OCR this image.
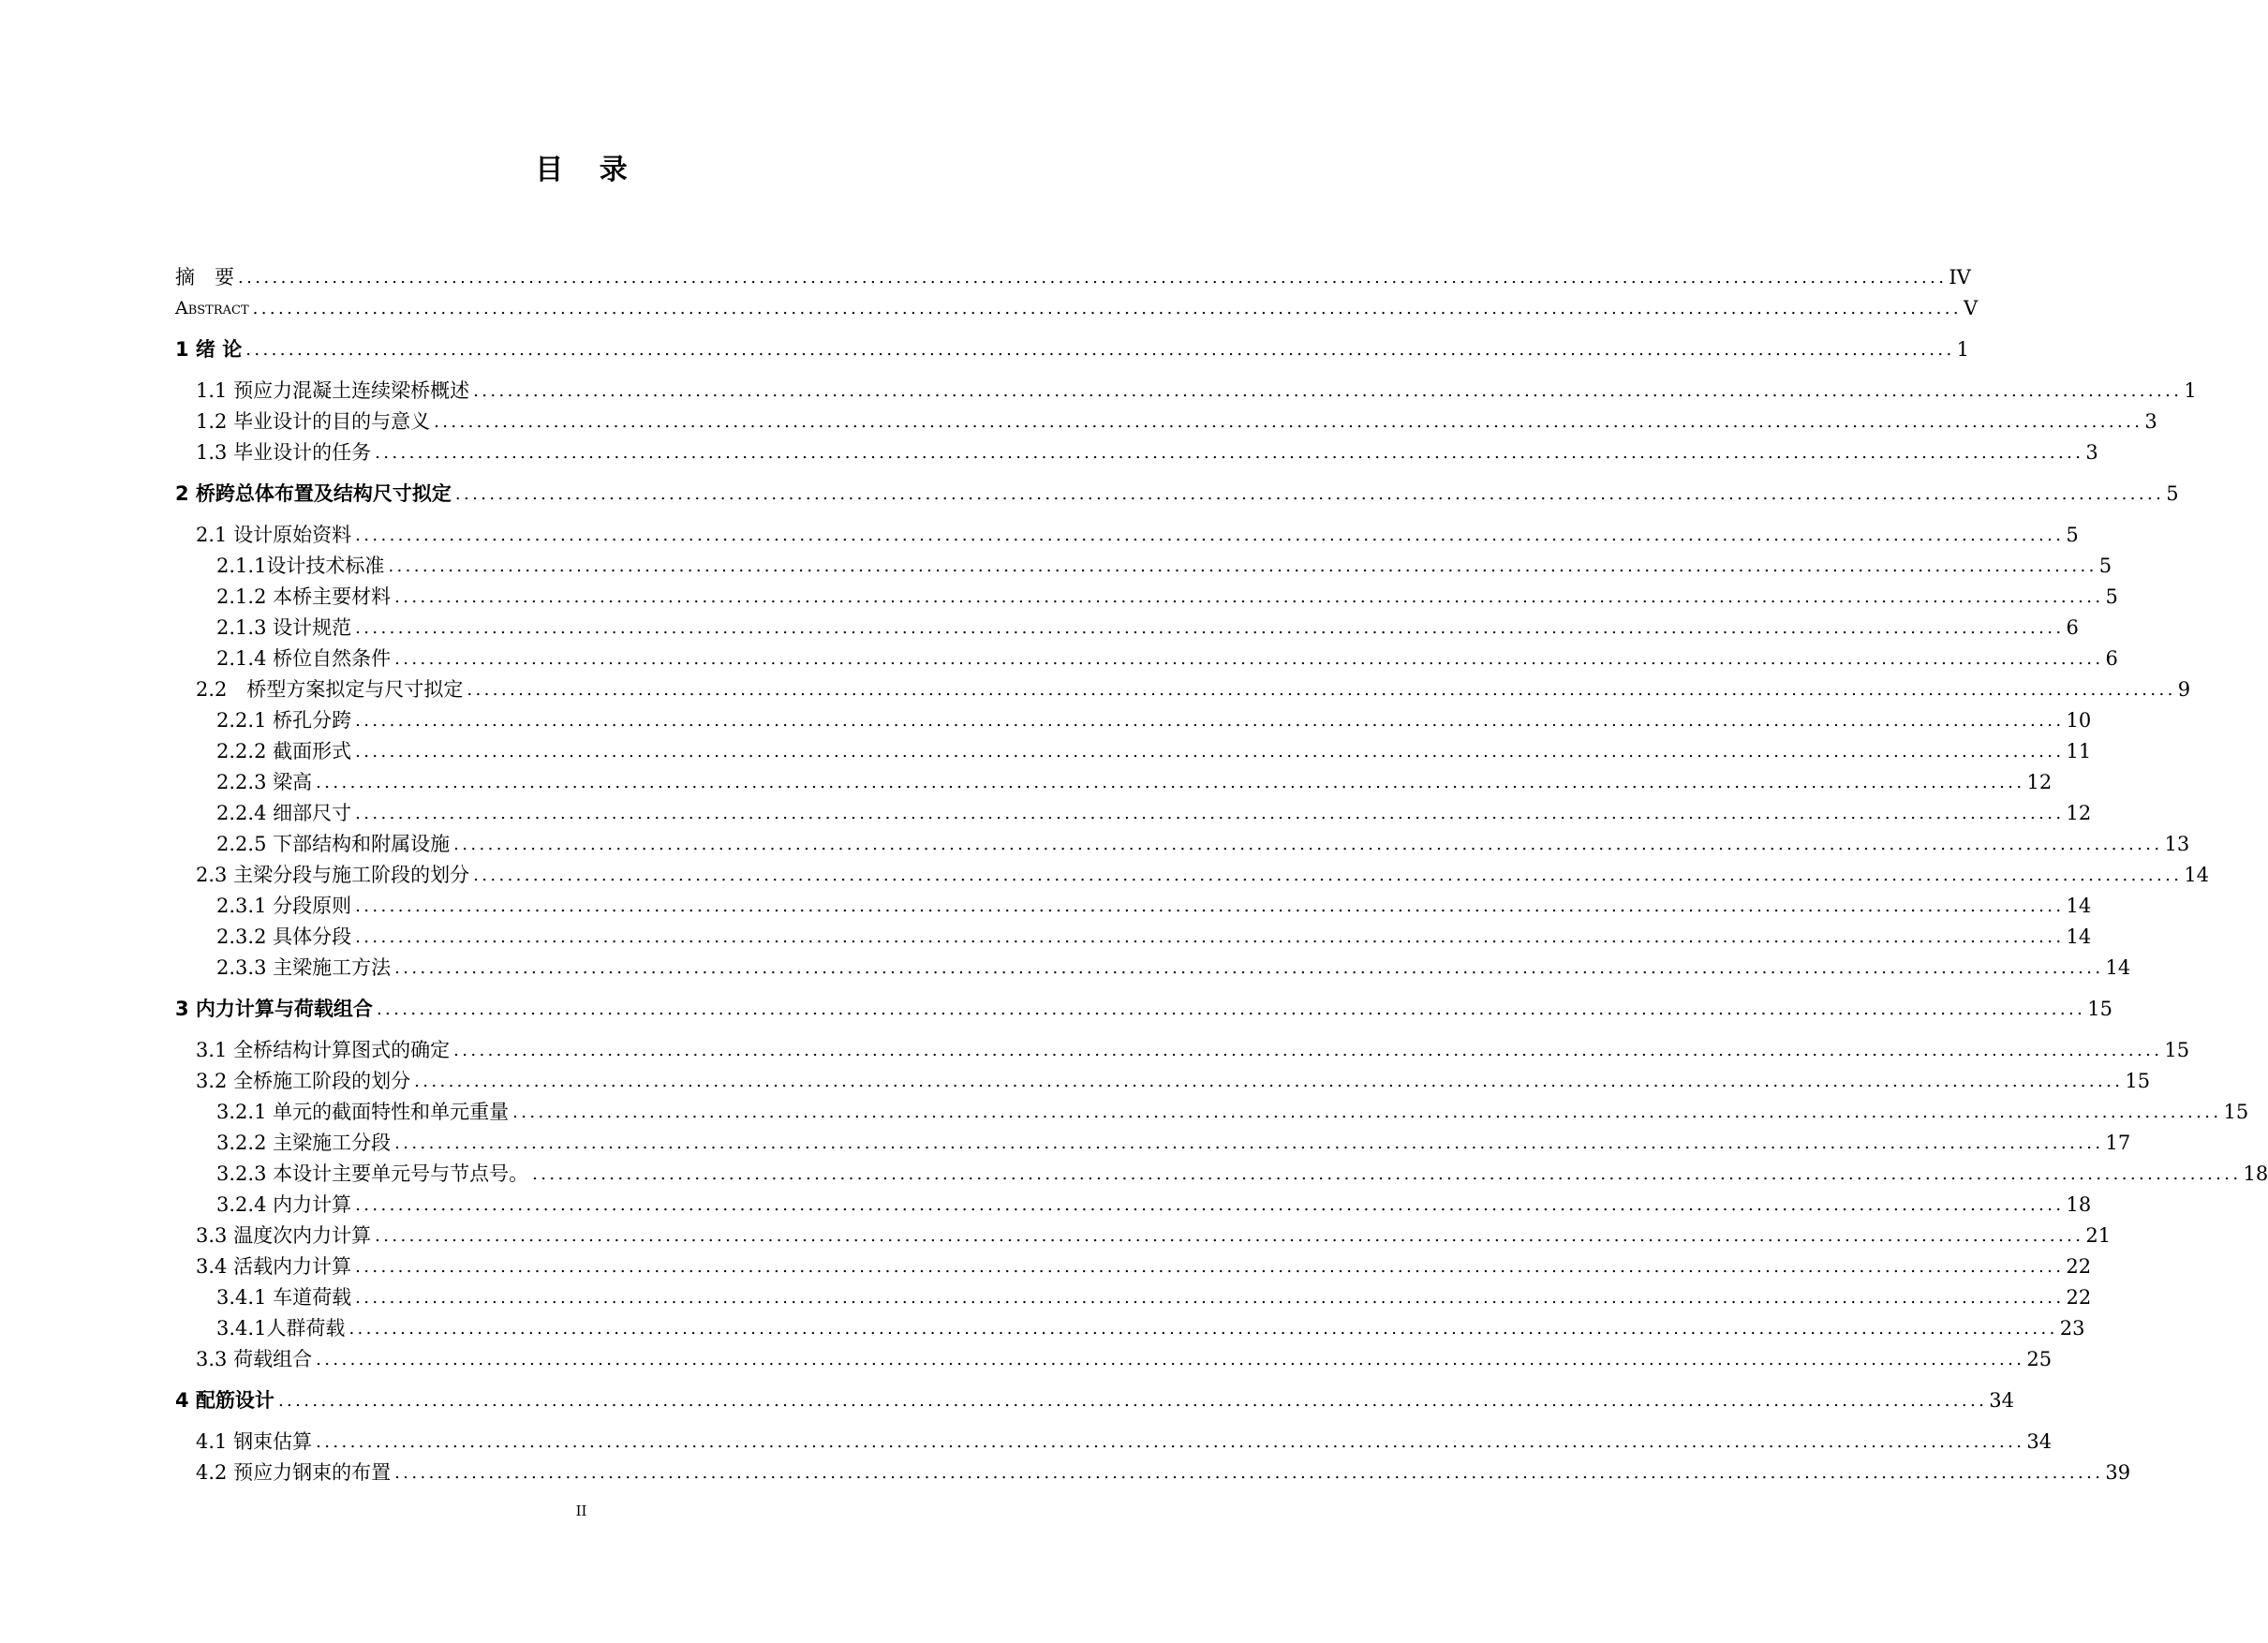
目 录
摘　要 ........................................................................................................................................................................................................ IV
Abstract ........................................................................................................................................................................................................ V
1 绪 论 ........................................................................................................................................................................................................ 1
1.1 预应力混凝土连续梁桥概述 ........................................................................................................................................................................................................ 1
1.2 毕业设计的目的与意义 ........................................................................................................................................................................................................ 3
1.3 毕业设计的任务 ........................................................................................................................................................................................................ 3
2 桥跨总体布置及结构尺寸拟定 ........................................................................................................................................................................................................ 5
2.1 设计原始资料 ........................................................................................................................................................................................................ 5
2.1.1设计技术标准 ........................................................................................................................................................................................................ 5
2.1.2 本桥主要材料 ........................................................................................................................................................................................................ 5
2.1.3 设计规范 ........................................................................................................................................................................................................ 6
2.1.4 桥位自然条件 ........................................................................................................................................................................................................ 6
2.2　桥型方案拟定与尺寸拟定 ........................................................................................................................................................................................................ 9
2.2.1 桥孔分跨 ........................................................................................................................................................................................................ 10
2.2.2 截面形式 ........................................................................................................................................................................................................ 11
2.2.3 梁高 ........................................................................................................................................................................................................ 12
2.2.4 细部尺寸 ........................................................................................................................................................................................................ 12
2.2.5 下部结构和附属设施 ........................................................................................................................................................................................................ 13
2.3 主梁分段与施工阶段的划分 ........................................................................................................................................................................................................ 14
2.3.1 分段原则 ........................................................................................................................................................................................................ 14
2.3.2 具体分段 ........................................................................................................................................................................................................ 14
2.3.3 主梁施工方法 ........................................................................................................................................................................................................ 14
3 内力计算与荷载组合 ........................................................................................................................................................................................................ 15
3.1 全桥结构计算图式的确定 ........................................................................................................................................................................................................ 15
3.2 全桥施工阶段的划分 ........................................................................................................................................................................................................ 15
3.2.1 单元的截面特性和单元重量 ........................................................................................................................................................................................................ 15
3.2.2 主梁施工分段 ........................................................................................................................................................................................................ 17
3.2.3 本设计主要单元号与节点号。 ........................................................................................................................................................................................................ 18
3.2.4 内力计算 ........................................................................................................................................................................................................ 18
3.3 温度次内力计算 ........................................................................................................................................................................................................ 21
3.4 活载内力计算 ........................................................................................................................................................................................................ 22
3.4.1 车道荷载 ........................................................................................................................................................................................................ 22
3.4.1人群荷载 ........................................................................................................................................................................................................ 23
3.3 荷载组合 ........................................................................................................................................................................................................ 25
4 配筋设计 ........................................................................................................................................................................................................ 34
4.1 钢束估算 ........................................................................................................................................................................................................ 34
4.2 预应力钢束的布置 ........................................................................................................................................................................................................ 39
II
